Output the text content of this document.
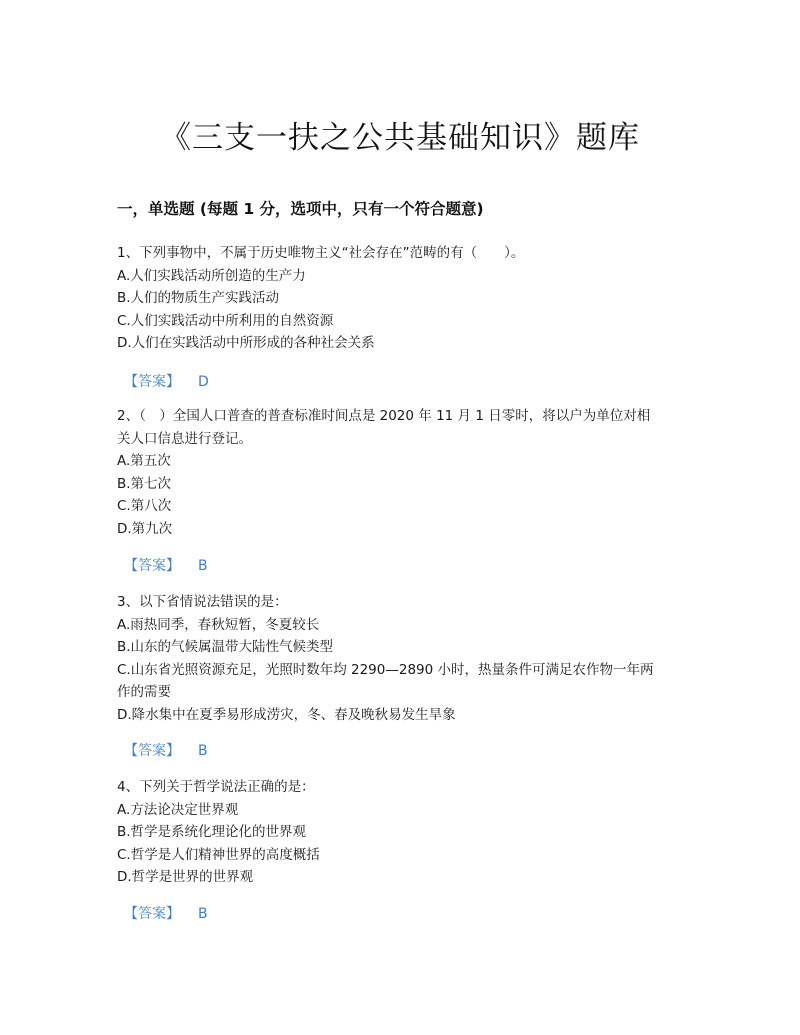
《三支一扶之公共基础知识》题库
一，单选题 (每题 1 分，选项中，只有一个符合题意)
1、下列事物中，不属于历史唯物主义“社会存在”范畴的有（　　）。
A.人们实践活动所创造的生产力
B.人们的物质生产实践活动
C.人们实践活动中所利用的自然资源
D.人们在实践活动中所形成的各种社会关系
【答案】 D
2、（　）全国人口普查的普查标准时间点是 2020 年 11 月 1 日零时，将以户为单位对相
关人口信息进行登记。
A.第五次
B.第七次
C.第八次
D.第九次
【答案】 B
3、以下省情说法错误的是：
A.雨热同季，春秋短暂，冬夏较长
B.山东的气候属温带大陆性气候类型
C.山东省光照资源充足，光照时数年均 2290—2890 小时，热量条件可满足农作物一年两
作的需要
D.降水集中在夏季易形成涝灾，冬、春及晚秋易发生旱象
【答案】 B
4、下列关于哲学说法正确的是：
A.方法论决定世界观
B.哲学是系统化理论化的世界观
C.哲学是人们精神世界的高度概括
D.哲学是世界的世界观
【答案】 B
